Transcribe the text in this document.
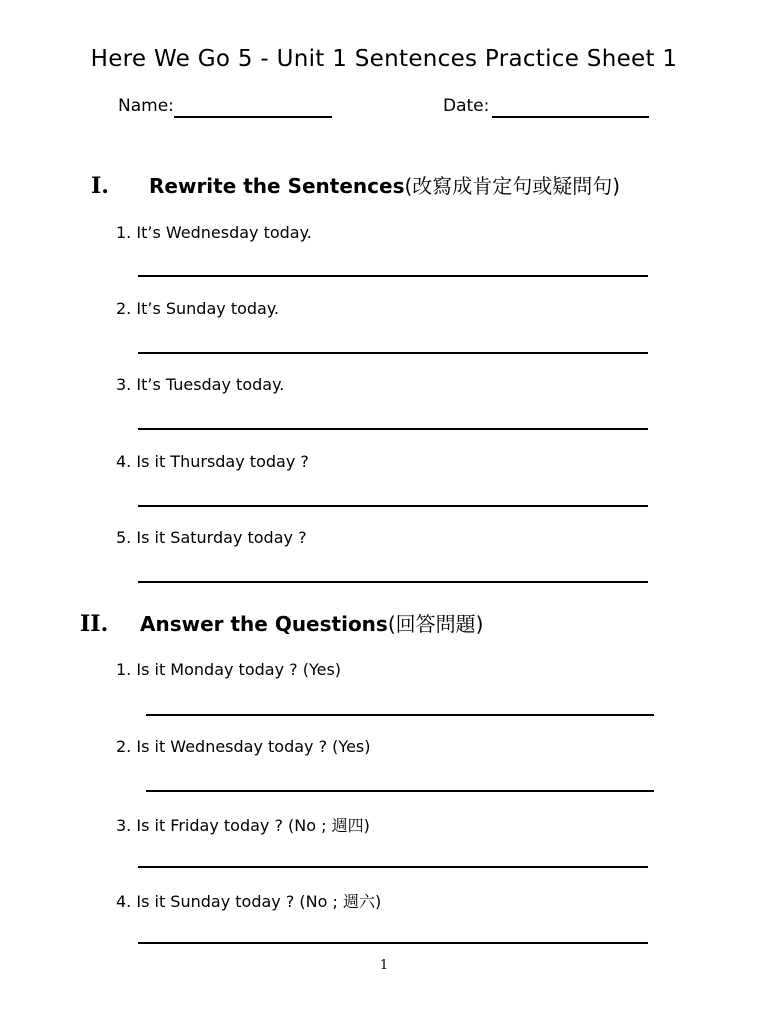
Here We Go 5 - Unit 1 Sentences Practice Sheet 1
Name:	Date:
I. Rewrite the Sentences(改寫成肯定句或疑問句)
1. It’s Wednesday today.
2. It’s Sunday today.
3. It’s Tuesday today.
4. Is it Thursday today ?
5. Is it Saturday today ?
II. Answer the Questions(回答問題)
1. Is it Monday today ? (Yes)
2. Is it Wednesday today ? (Yes)
3. Is it Friday today ? (No ; 週四)
4. Is it Sunday today ? (No ; 週六)
1
